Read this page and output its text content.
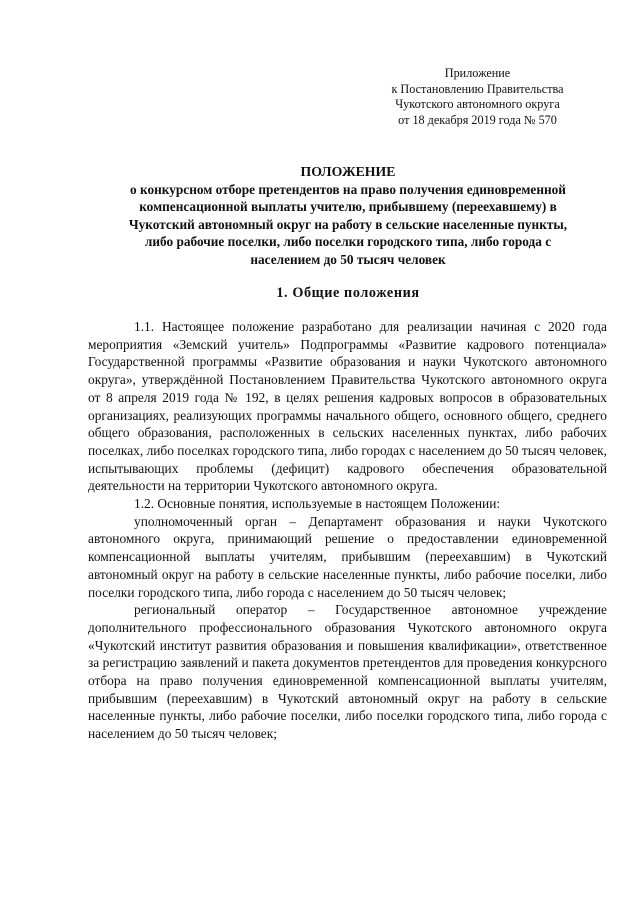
Приложение
к Постановлению Правительства
Чукотского автономного округа
от 18 декабря 2019 года № 570
ПОЛОЖЕНИЕ
о конкурсном отборе претендентов на право получения единовременной
компенсационной выплаты учителю, прибывшему (переехавшему) в
Чукотский автономный округ на работу в сельские населенные пункты,
либо рабочие поселки, либо поселки городского типа, либо города с
населением до 50 тысяч человек
1. Общие положения

1.1. Настоящее положение разработано для реализации начиная с 2020 года мероприятия «Земский учитель» Подпрограммы «Развитие кадрового потенциала» Государственной программы «Развитие образования и науки Чукотского автономного округа», утверждённой Постановлением Правительства Чукотского автономного округа от 8 апреля 2019 года № 192, в целях решения кадровых вопросов в образовательных организациях, реализующих программы начального общего, основного общего, среднего общего образования, расположенных в сельских населенных пунктах, либо рабочих поселках, либо поселках городского типа, либо городах с населением до 50 тысяч человек, испытывающих проблемы (дефицит) кадрового обеспечения образовательной деятельности на территории Чукотского автономного округа.

1.2. Основные понятия, используемые в настоящем Положении:

уполномоченный орган – Департамент образования и науки Чукотского автономного округа, принимающий решение о предоставлении единовременной компенсационной выплаты учителям, прибывшим (переехавшим) в Чукотский автономный округ на работу в сельские населенные пункты, либо рабочие поселки, либо поселки городского типа, либо города с населением до 50 тысяч человек;

региональный оператор – Государственное автономное учреждение дополнительного профессионального образования Чукотского автономного округа «Чукотский институт развития образования и повышения квалификации», ответственное за регистрацию заявлений и пакета документов претендентов для проведения конкурсного отбора на право получения единовременной компенсационной выплаты учителям, прибывшим (переехавшим) в Чукотский автономный округ на работу в сельские населенные пункты, либо рабочие поселки, либо поселки городского типа, либо города с населением до 50 тысяч человек;
